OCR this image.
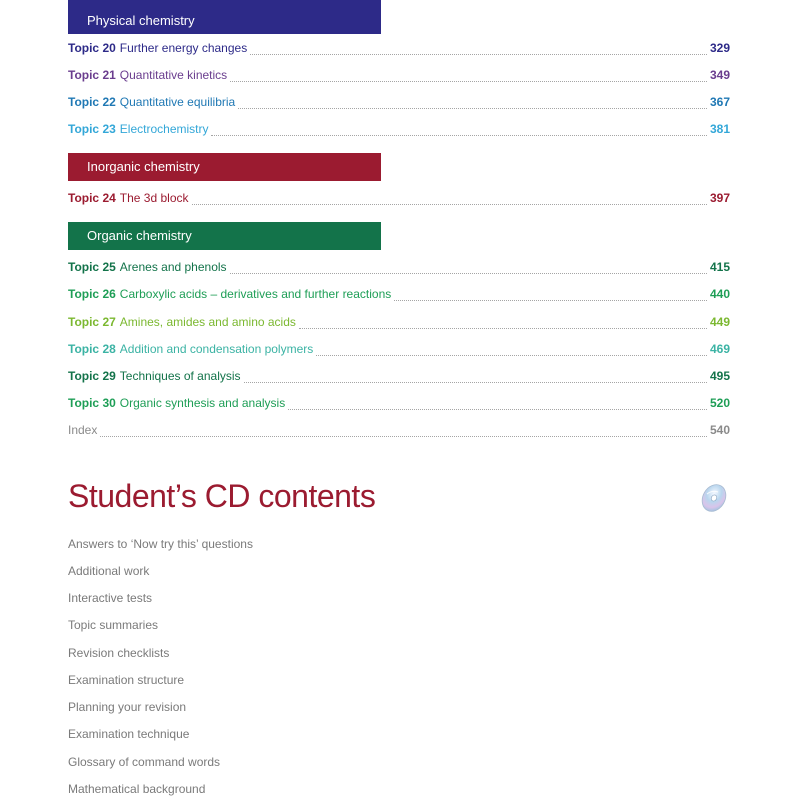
Physical chemistry
Topic 20 Further energy changes	329
Topic 21 Quantitative kinetics	349
Topic 22 Quantitative equilibria	367
Topic 23 Electrochemistry	381
Inorganic chemistry
Topic 24 The 3d block	397
Organic chemistry
Topic 25 Arenes and phenols	415
Topic 26 Carboxylic acids – derivatives and further reactions	440
Topic 27 Amines, amides and amino acids	449
Topic 28 Addition and condensation polymers	469
Topic 29 Techniques of analysis	495
Topic 30 Organic synthesis and analysis	520
Index	540
Student’s CD contents
Answers to ‘Now try this’ questions
Additional work
Interactive tests
Topic summaries
Revision checklists
Examination structure
Planning your revision
Examination technique
Glossary of command words
Mathematical background
